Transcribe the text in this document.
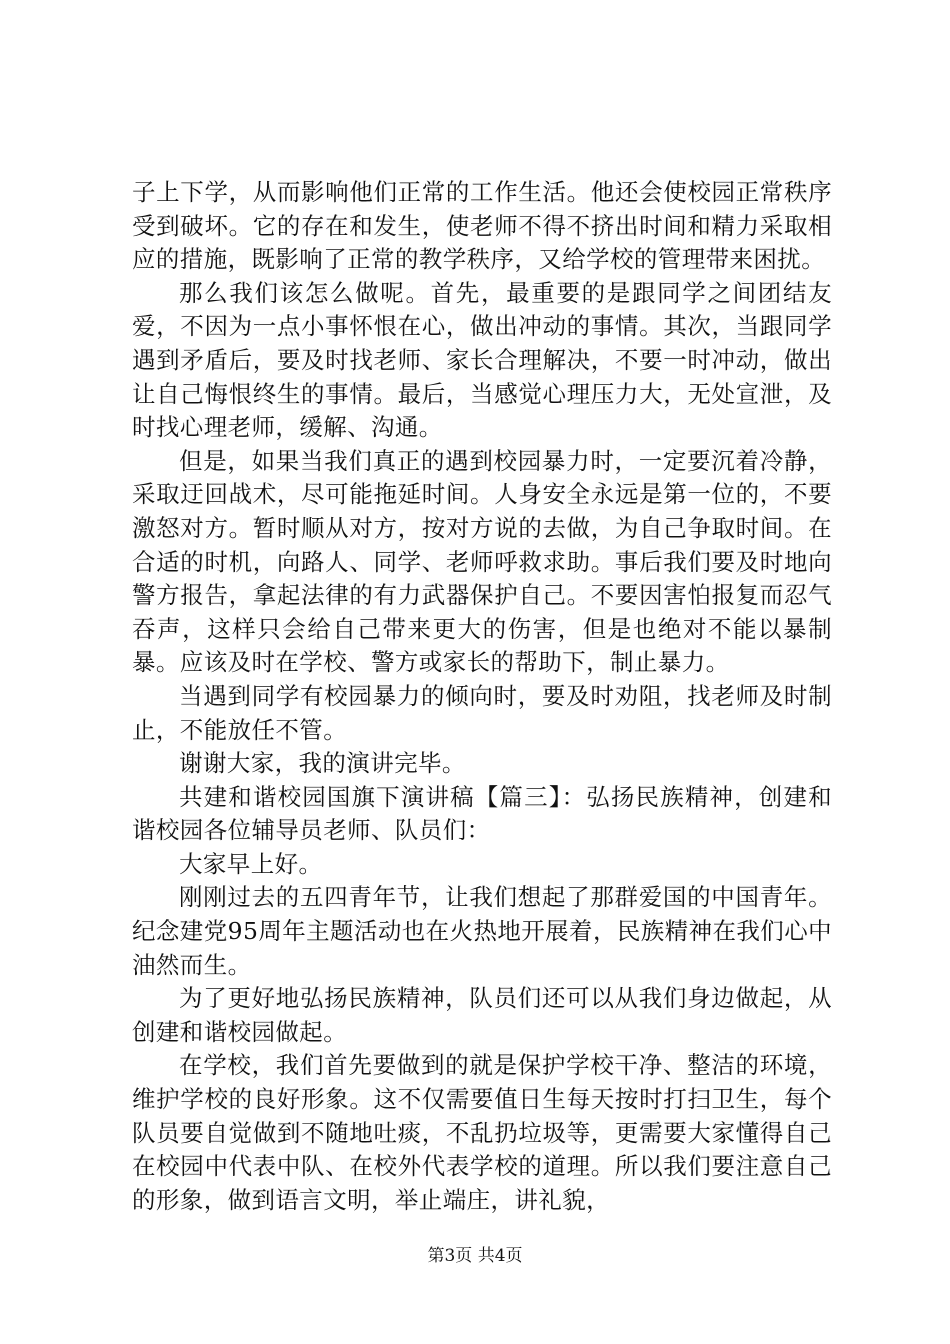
子上下学，从而影响他们正常的工作生活。他还会使校园正常秩序受到破坏。它的存在和发生，使老师不得不挤出时间和精力采取相应的措施，既影响了正常的教学秩序，又给学校的管理带来困扰。

那么我们该怎么做呢。首先，最重要的是跟同学之间团结友爱，不因为一点小事怀恨在心，做出冲动的事情。其次，当跟同学遇到矛盾后，要及时找老师、家长合理解决，不要一时冲动，做出让自己悔恨终生的事情。最后，当感觉心理压力大，无处宣泄，及时找心理老师，缓解、沟通。

但是，如果当我们真正的遇到校园暴力时，一定要沉着冷静，采取迂回战术，尽可能拖延时间。人身安全永远是第一位的，不要激怒对方。暂时顺从对方，按对方说的去做，为自己争取时间。在合适的时机，向路人、同学、老师呼救求助。事后我们要及时地向警方报告，拿起法律的有力武器保护自己。不要因害怕报复而忍气吞声，这样只会给自己带来更大的伤害，但是也绝对不能以暴制暴。应该及时在学校、警方或家长的帮助下，制止暴力。

当遇到同学有校园暴力的倾向时，要及时劝阻，找老师及时制止，不能放任不管。

谢谢大家，我的演讲完毕。

共建和谐校园国旗下演讲稿【篇三】：弘扬民族精神，创建和谐校园各位辅导员老师、队员们：

大家早上好。

刚刚过去的五四青年节，让我们想起了那群爱国的中国青年。纪念建党95周年主题活动也在火热地开展着，民族精神在我们心中油然而生。

为了更好地弘扬民族精神，队员们还可以从我们身边做起，从创建和谐校园做起。

在学校，我们首先要做到的就是保护学校干净、整洁的环境，维护学校的良好形象。这不仅需要值日生每天按时打扫卫生，每个队员要自觉做到不随地吐痰，不乱扔垃圾等，更需要大家懂得自己在校园中代表中队、在校外代表学校的道理。所以我们要注意自己的形象，做到语言文明，举止端庄，讲礼貌，

第3页 共4页
